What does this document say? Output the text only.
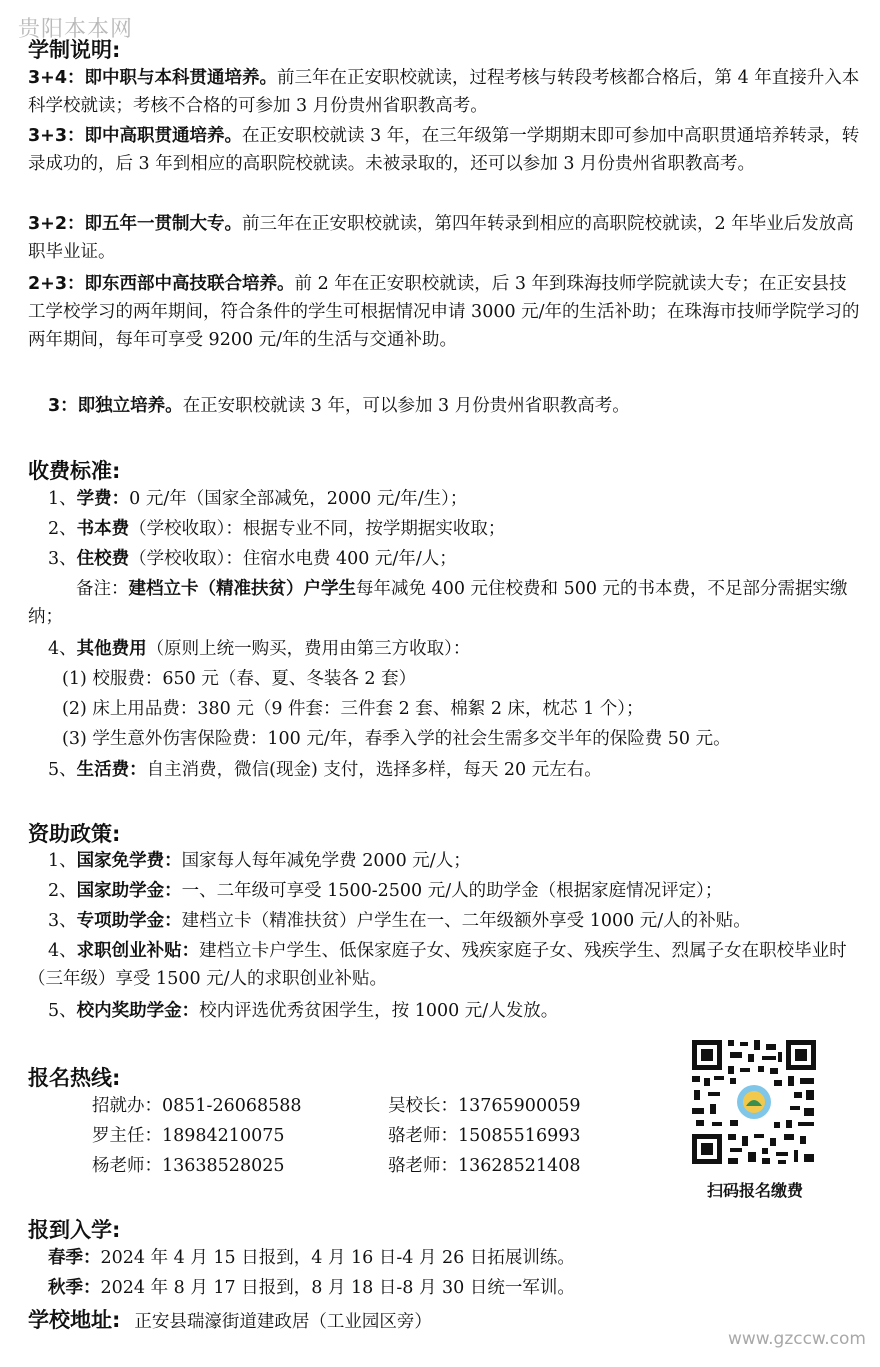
贵阳本本网
学制说明:
3+4：即中职与本科贯通培养。前三年在正安职校就读，过程考核与转段考核都合格后，第 4 年直接升入本科学校就读；考核不合格的可参加 3 月份贵州省职教高考。
3+3：即中高职贯通培养。在正安职校就读 3 年，在三年级第一学期期末即可参加中高职贯通培养转录，转录成功的，后 3 年到相应的高职院校就读。未被录取的，还可以参加 3 月份贵州省职教高考。
3+2：即五年一贯制大专。前三年在正安职校就读，第四年转录到相应的高职院校就读，2 年毕业后发放高职毕业证。
2+3：即东西部中高技联合培养。前 2 年在正安职校就读，后 3 年到珠海技师学院就读大专；在正安县技工学校学习的两年期间，符合条件的学生可根据情况申请 3000 元/年的生活补助；在珠海市技师学院学习的两年期间，每年可享受 9200 元/年的生活与交通补助。
3：即独立培养。在正安职校就读 3 年，可以参加 3 月份贵州省职教高考。
收费标准:
1、学费：0 元/年（国家全部减免，2000 元/年/生）；
2、书本费（学校收取）：根据专业不同，按学期据实收取；
3、住校费（学校收取）：住宿水电费 400 元/年/人；
备注：建档立卡（精准扶贫）户学生每年减免 400 元住校费和 500 元的书本费，不足部分需据实缴纳；
4、其他费用（原则上统一购买，费用由第三方收取）：
(1) 校服费：650 元（春、夏、冬装各 2 套）
(2) 床上用品费：380 元（9 件套：三件套 2 套、棉絮 2 床，枕芯 1 个）；
(3) 学生意外伤害保险费：100 元/年，春季入学的社会生需多交半年的保险费 50 元。
5、生活费：自主消费，微信(现金) 支付，选择多样，每天 20 元左右。
资助政策:
1、国家免学费：国家每人每年减免学费 2000 元/人；
2、国家助学金：一、二年级可享受 1500-2500 元/人的助学金（根据家庭情况评定）；
3、专项助学金：建档立卡（精准扶贫）户学生在一、二年级额外享受 1000 元/人的补贴。
4、求职创业补贴：建档立卡户学生、低保家庭子女、残疾家庭子女、残疾学生、烈属子女在职校毕业时（三年级）享受 1500 元/人的求职创业补贴。
5、校内奖助学金：校内评选优秀贫困学生，按 1000 元/人发放。
报名热线:
招就办：0851-26068588	吴校长：13765900059
罗主任：18984210075	骆老师：15085516993
杨老师：13638528025	骆老师：13628521408
扫码报名缴费
报到入学:
春季：2024 年 4 月 15 日报到，4 月 16 日-4 月 26 日拓展训练。
秋季：2024 年 8 月 17 日报到，8 月 18 日-8 月 30 日统一军训。
学校地址: 正安县瑞濠街道建政居（工业园区旁）
www.gzccw.com
